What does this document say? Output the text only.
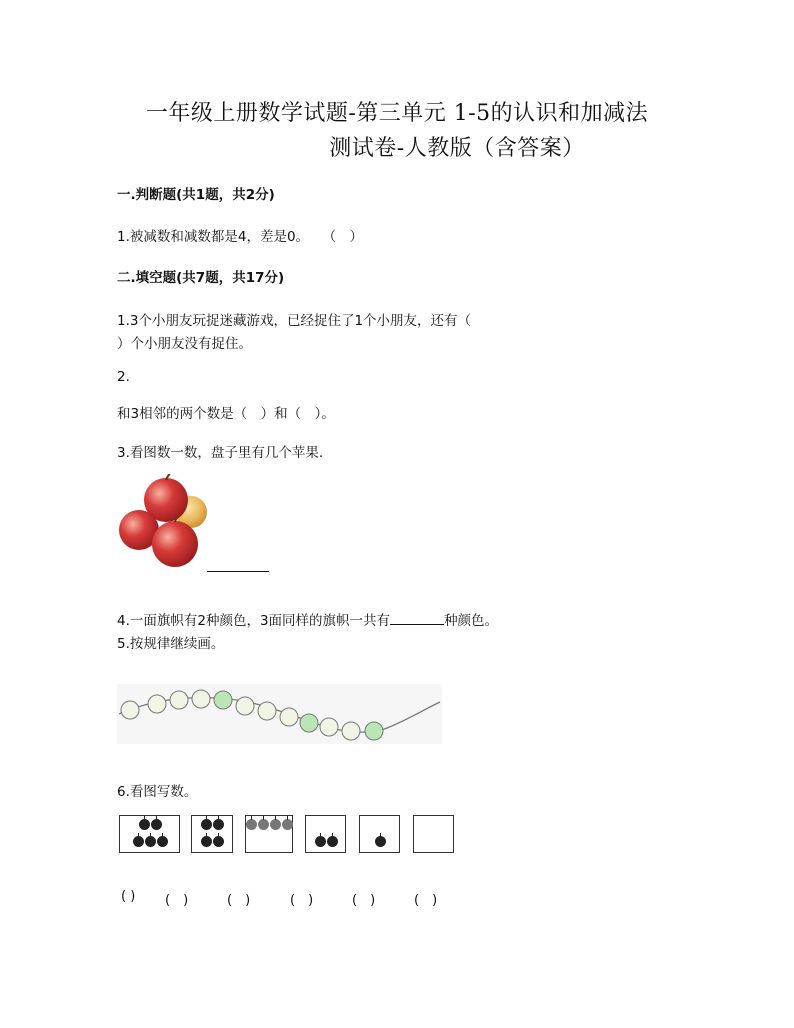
一年级上册数学试题-第三单元 1-5的认识和加减法
测试卷-人教版（含答案）
一.判断题(共1题，共2分)
1.被减数和减数都是4，差是0。　　（　）
二.填空题(共7题，共17分)
1.3个小朋友玩捉迷藏游戏，已经捉住了1个小朋友，还有（
）个小朋友没有捉住。
2.
和3相邻的两个数是（　）和（　）。
3.看图数一数，盘子里有几个苹果.
4.一面旗帜有2种颜色，3面同样的旗帜一共有	种颜色。
5.按规律继续画。
6.看图写数。
( ) (　)	(　)	(　)	(　)	(　)
